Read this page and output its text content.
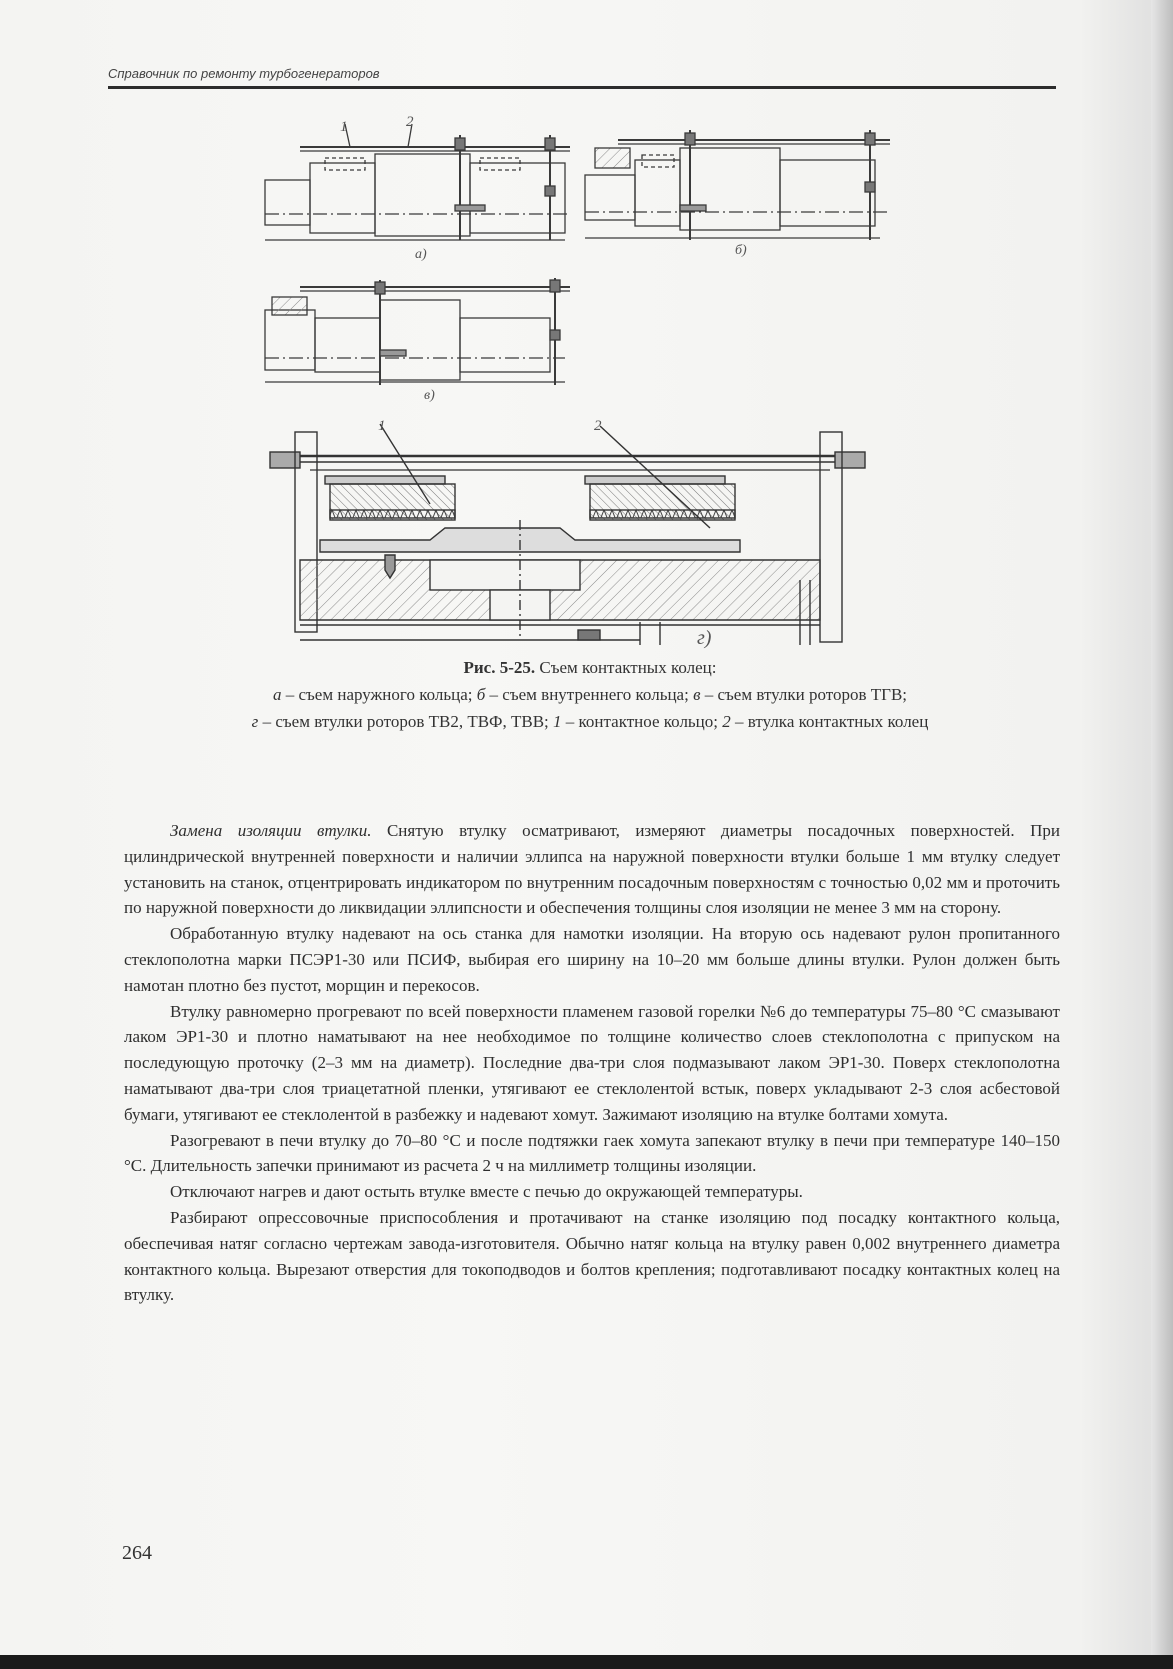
Справочник по ремонту турбогенераторов
1	2
а)	б)
в)
1	2
г)
Рис. 5-25. Съем контактных колец:
а – съем наружного кольца; б – съем внутреннего кольца; в – съем втулки роторов ТГВ;
г – съем втулки роторов ТВ2, ТВФ, ТВВ; 1 – контактное кольцо; 2 – втулка контактных колец

Замена изоляции втулки. Снятую втулку осматривают, измеряют диаметры посадочных поверхностей. При цилиндрической внутренней поверхности и наличии эллипса на наружной поверхности втулки больше 1 мм втулку следует установить на станок, отцентрировать индикатором по внутренним посадочным поверхностям с точностью 0,02 мм и проточить по наружной поверхности до ликвидации эллипсности и обеспечения толщины слоя изоляции не менее 3 мм на сторону.

Обработанную втулку надевают на ось станка для намотки изоляции. На вторую ось надевают рулон пропитанного стеклополотна марки ПСЭР1-30 или ПСИФ, выбирая его ширину на 10–20 мм больше длины втулки. Рулон должен быть намотан плотно без пустот, морщин и перекосов.

Втулку равномерно прогревают по всей поверхности пламенем газовой горелки №6 до температуры 75–80 °С смазывают лаком ЭР1-30 и плотно наматывают на нее необходимое по толщине количество слоев стеклополотна с припуском на последующую проточку (2–3 мм на диаметр). Последние два-три слоя подмазывают лаком ЭР1-30. Поверх стеклополотна наматывают два-три слоя триацетатной пленки, утягивают ее стеклолентой встык, поверх укладывают 2-3 слоя асбестовой бумаги, утягивают ее стеклолентой в разбежку и надевают хомут. Зажимают изоляцию на втулке болтами хомута.

Разогревают в печи втулку до 70–80 °С и после подтяжки гаек хомута запекают втулку в печи при температуре 140–150 °С. Длительность запечки принимают из расчета 2 ч на миллиметр толщины изоляции.

Отключают нагрев и дают остыть втулке вместе с печью до окружающей температуры.

Разбирают опрессовочные приспособления и протачивают на станке изоляцию под посадку контактного кольца, обеспечивая натяг согласно чертежам завода-изготовителя. Обычно натяг кольца на втулку равен 0,002 внутреннего диаметра контактного кольца. Вырезают отверстия для токоподводов и болтов крепления; подготавливают посадку контактных колец на втулку.

264
